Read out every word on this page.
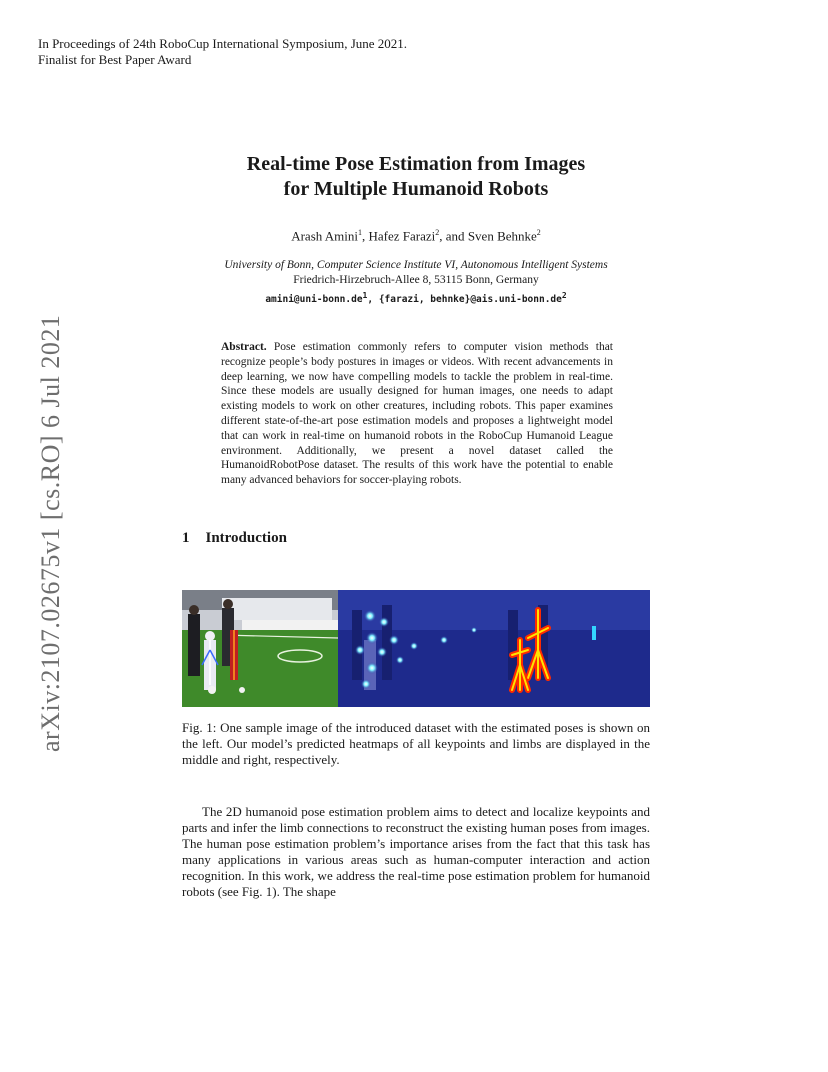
In Proceedings of 24th RoboCup International Symposium, June 2021.
Finalist for Best Paper Award
arXiv:2107.02675v1 [cs.RO] 6 Jul 2021
Real-time Pose Estimation from Images
for Multiple Humanoid Robots
Arash Amini$^1$, Hafez Farazi$^2$, and Sven Behnke$^2$
University of Bonn, Computer Science Institute VI, Autonomous Intelligent Systems
Friedrich-Hirzebruch-Allee 8, 53115 Bonn, Germany
$amini@uni-bonn.de^1$, {farazi, $behnke\}@ais.uni-bonn.de^2$
Abstract. Pose estimation commonly refers to computer vision methods that recognize people’s body postures in images or videos. With recent advancements in deep learning, we now have compelling models to tackle the problem in real-time. Since these models are usually designed for human images, one needs to adapt existing models to work on other creatures, including robots. This paper examines different state-of-the-art pose estimation models and proposes a lightweight model that can work in real-time on humanoid robots in the RoboCup Humanoid League environment. Additionally, we present a novel dataset called the HumanoidRobotPose dataset. The results of this work have the potential to enable many advanced behaviors for soccer-playing robots.
1 Introduction
Fig. 1: One sample image of the introduced dataset with the estimated poses is shown on the left. Our model’s predicted heatmaps of all keypoints and limbs are displayed in the middle and right, respectively.
The 2D humanoid pose estimation problem aims to detect and localize keypoints and parts and infer the limb connections to reconstruct the existing human poses from images. The human pose estimation problem’s importance arises from the fact that this task has many applications in various areas such as human-computer interaction and action recognition. In this work, we address the real-time pose estimation problem for humanoid robots (see Fig. 1). The shape
